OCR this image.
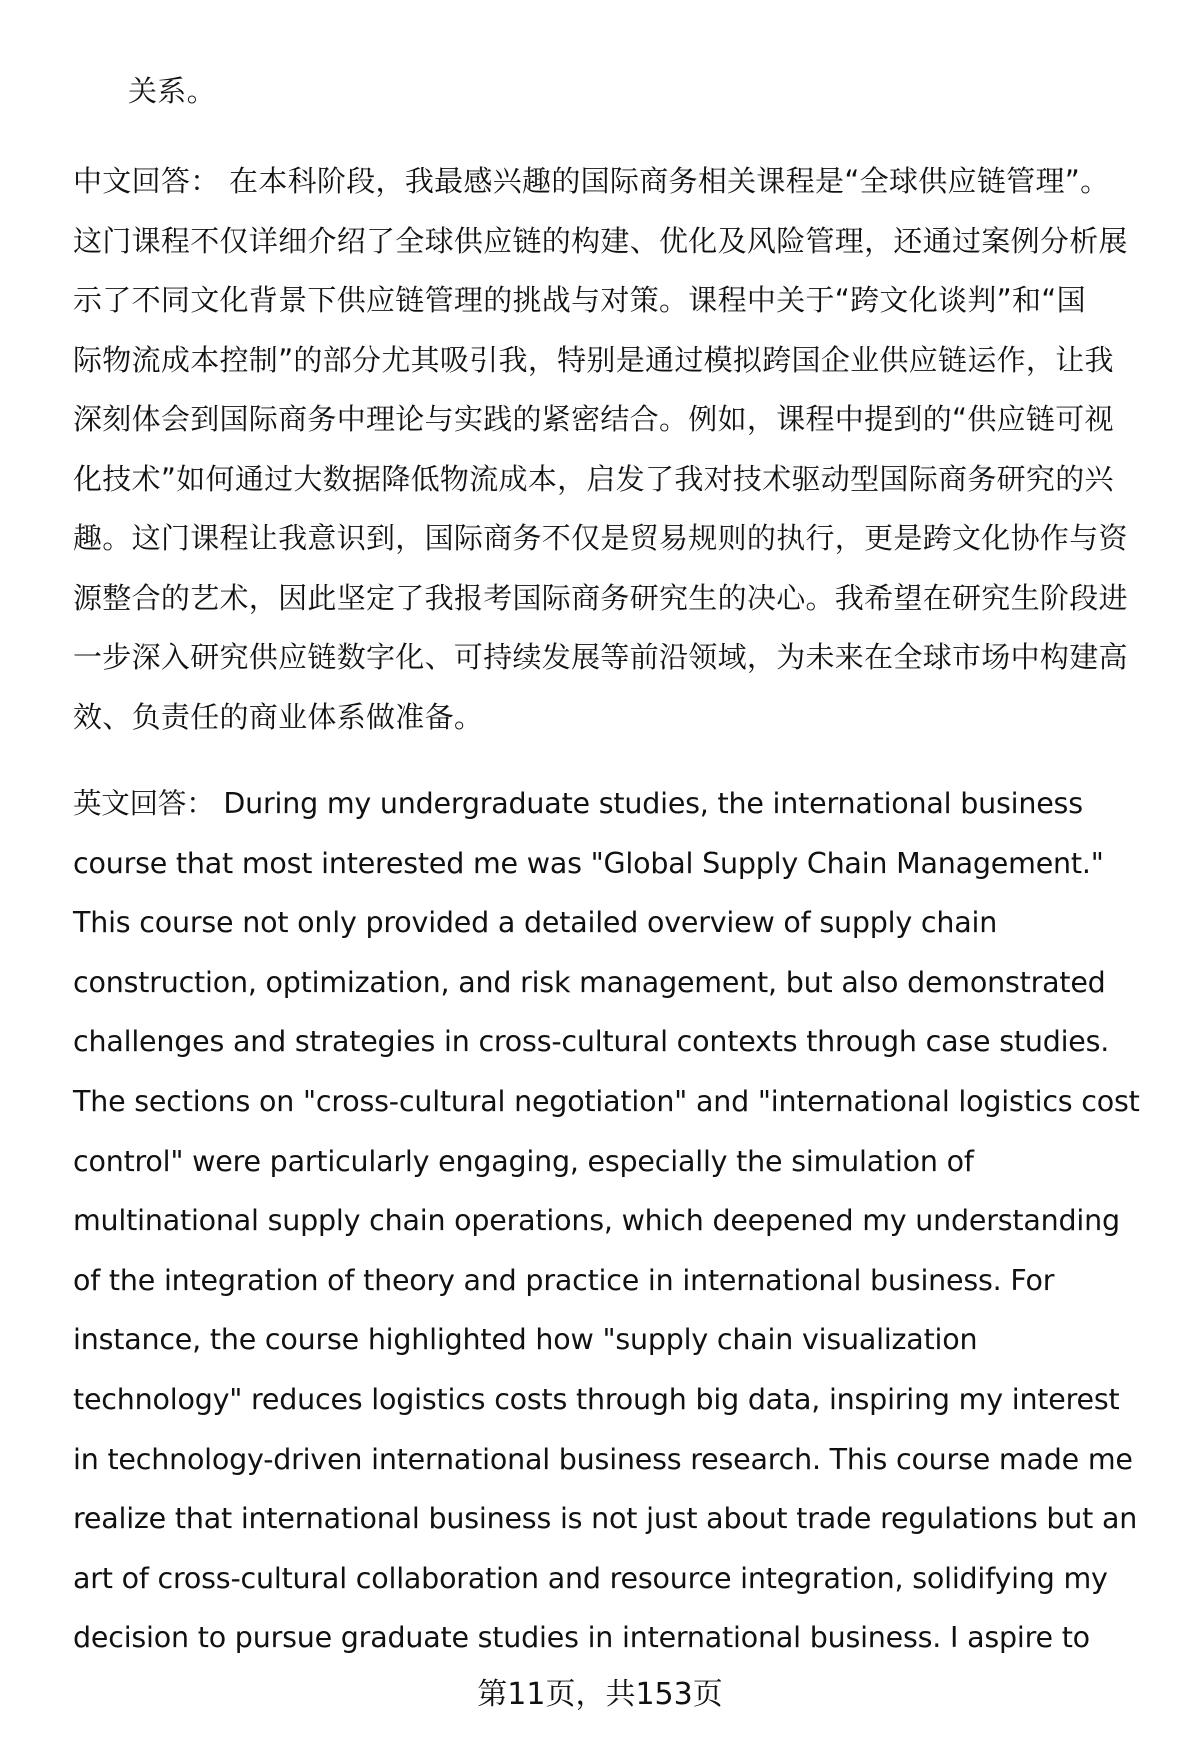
关系。
中文回答： 在本科阶段，我最感兴趣的国际商务相关课程是“全球供应链管理”。
这门课程不仅详细介绍了全球供应链的构建、优化及风险管理，还通过案例分析展
示了不同文化背景下供应链管理的挑战与对策。课程中关于“跨文化谈判”和“国
际物流成本控制”的部分尤其吸引我，特别是通过模拟跨国企业供应链运作，让我
深刻体会到国际商务中理论与实践的紧密结合。例如，课程中提到的“供应链可视
化技术”如何通过大数据降低物流成本，启发了我对技术驱动型国际商务研究的兴
趣。这门课程让我意识到，国际商务不仅是贸易规则的执行，更是跨文化协作与资
源整合的艺术，因此坚定了我报考国际商务研究生的决心。我希望在研究生阶段进
一步深入研究供应链数字化、可持续发展等前沿领域，为未来在全球市场中构建高
效、负责任的商业体系做准备。
英文回答： During my undergraduate studies, the international business
course that most interested me was "Global Supply Chain Management."
This course not only provided a detailed overview of supply chain
construction, optimization, and risk management, but also demonstrated
challenges and strategies in cross-cultural contexts through case studies.
The sections on "cross-cultural negotiation" and "international logistics cost
control" were particularly engaging, especially the simulation of
multinational supply chain operations, which deepened my understanding
of the integration of theory and practice in international business. For
instance, the course highlighted how "supply chain visualization
technology" reduces logistics costs through big data, inspiring my interest
in technology-driven international business research. This course made me
realize that international business is not just about trade regulations but an
art of cross-cultural collaboration and resource integration, solidifying my
decision to pursue graduate studies in international business. I aspire to
第11页，共153页
